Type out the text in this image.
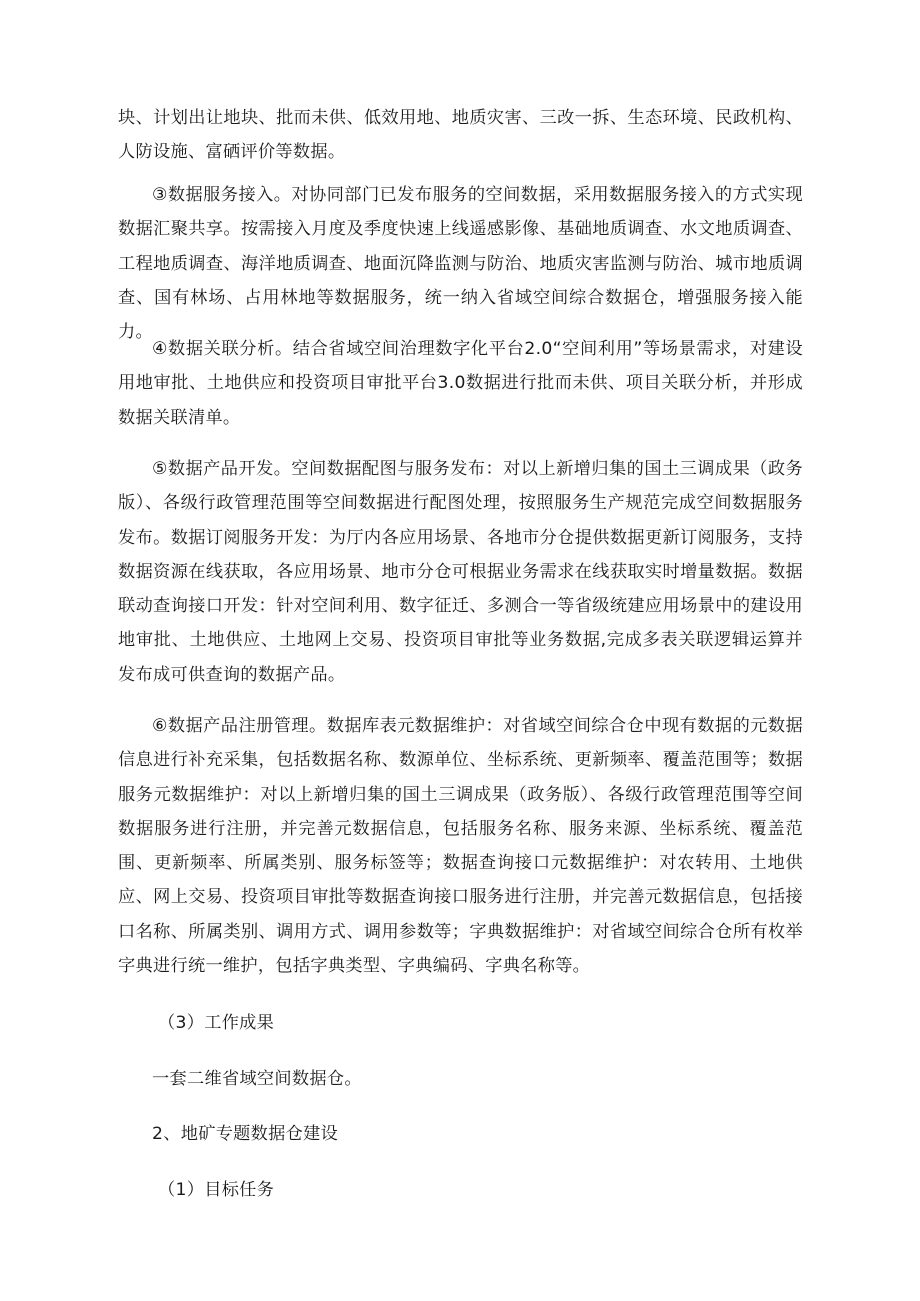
块、计划出让地块、批而未供、低效用地、地质灾害、三改一拆、生态环境、民政机构、人防设施、富硒评价等数据。

③数据服务接入。对协同部门已发布服务的空间数据，采用数据服务接入的方式实现数据汇聚共享。按需接入月度及季度快速上线遥感影像、基础地质调查、水文地质调查、工程地质调查、海洋地质调查、地面沉降监测与防治、地质灾害监测与防治、城市地质调查、国有林场、占用林地等数据服务，统一纳入省域空间综合数据仓，增强服务接入能力。

④数据关联分析。结合省域空间治理数字化平台2.0“空间利用”等场景需求，对建设用地审批、土地供应和投资项目审批平台3.0数据进行批而未供、项目关联分析，并形成数据关联清单。

⑤数据产品开发。空间数据配图与服务发布：对以上新增归集的国土三调成果（政务版）、各级行政管理范围等空间数据进行配图处理，按照服务生产规范完成空间数据服务发布。数据订阅服务开发：为厅内各应用场景、各地市分仓提供数据更新订阅服务，支持数据资源在线获取，各应用场景、地市分仓可根据业务需求在线获取实时增量数据。数据联动查询接口开发：针对空间利用、数字征迁、多测合一等省级统建应用场景中的建设用地审批、土地供应、土地网上交易、投资项目审批等业务数据,完成多表关联逻辑运算并发布成可供查询的数据产品。

⑥数据产品注册管理。数据库表元数据维护：对省域空间综合仓中现有数据的元数据信息进行补充采集，包括数据名称、数源单位、坐标系统、更新频率、覆盖范围等；数据服务元数据维护：对以上新增归集的国土三调成果（政务版）、各级行政管理范围等空间数据服务进行注册，并完善元数据信息，包括服务名称、服务来源、坐标系统、覆盖范围、更新频率、所属类别、服务标签等；数据查询接口元数据维护：对农转用、土地供应、网上交易、投资项目审批等数据查询接口服务进行注册，并完善元数据信息，包括接口名称、所属类别、调用方式、调用参数等；字典数据维护：对省域空间综合仓所有枚举字典进行统一维护，包括字典类型、字典编码、字典名称等。

（3）工作成果

一套二维省域空间数据仓。

2、地矿专题数据仓建设

（1）目标任务
